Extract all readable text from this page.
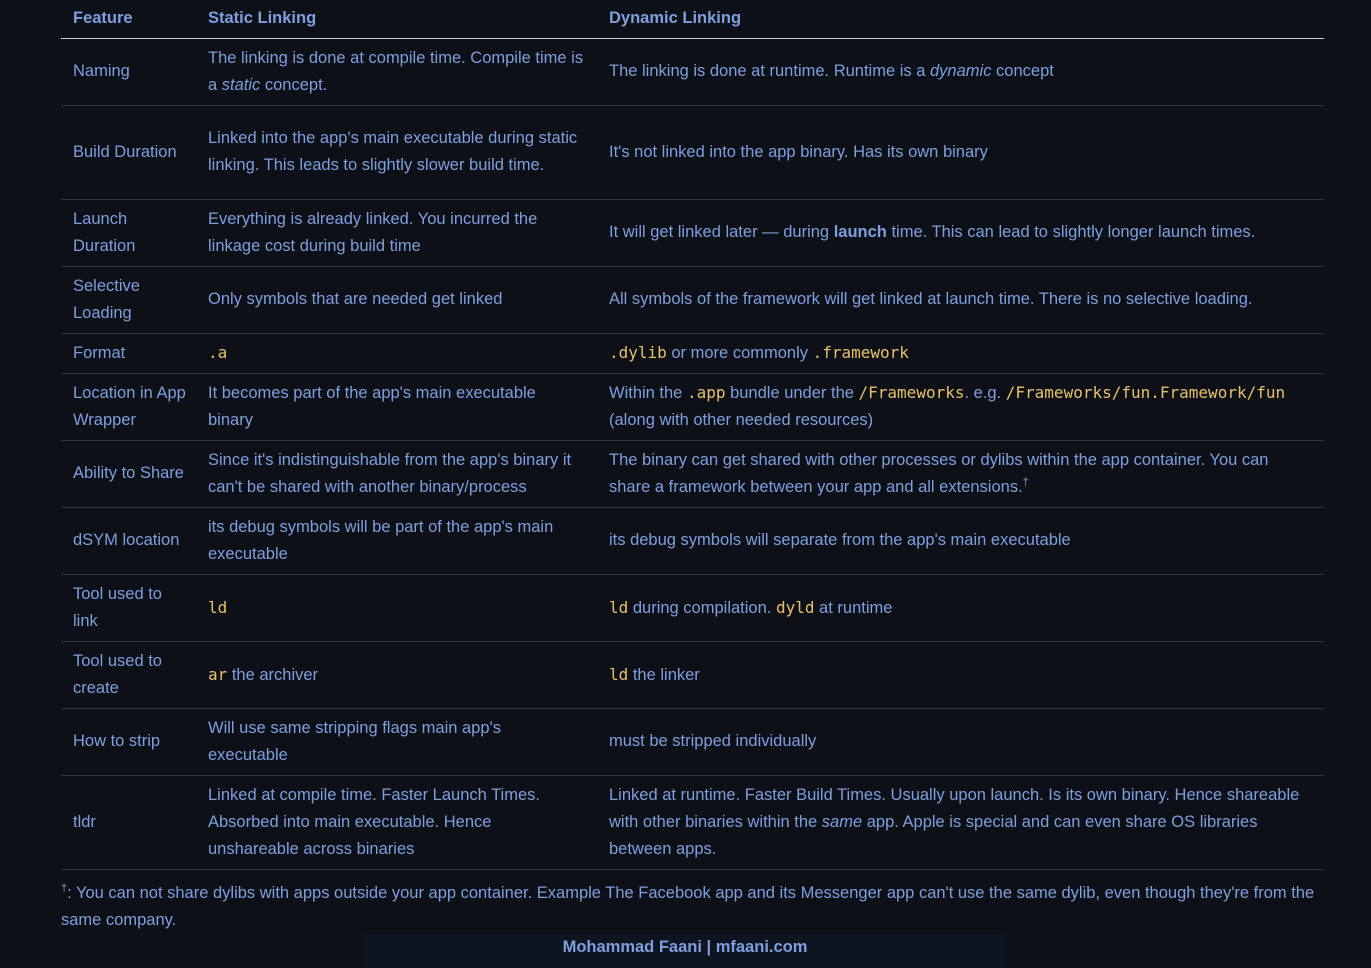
Feature	Static Linking	Dynamic Linking
Naming	The linking is done at compile time. Compile time is a static concept.	The linking is done at runtime. Runtime is a dynamic concept
Build Duration	Linked into the app's main executable during static linking. This leads to slightly slower build time.	It's not linked into the app binary. Has its own binary
Launch Duration	Everything is already linked. You incurred the linkage cost during build time	It will get linked later — during launch time. This can lead to slightly longer launch times.
Selective Loading	Only symbols that are needed get linked	All symbols of the framework will get linked at launch time. There is no selective loading.
Format	.a	.dylib or more commonly .framework
Location in App Wrapper	It becomes part of the app's main executable binary	Within the .app bundle under the /Frameworks. e.g. /Frameworks/fun.Framework/fun (along with other needed resources)
Ability to Share	Since it's indistinguishable from the app's binary it can't be shared with another binary/process	The binary can get shared with other processes or dylibs within the app container. You can share a framework between your app and all extensions.†
dSYM location	its debug symbols will be part of the app's main executable	its debug symbols will separate from the app's main executable
Tool used to link	ld	ld during compilation. dyld at runtime
Tool used to create	ar the archiver	ld the linker
How to strip	Will use same stripping flags main app's executable	must be stripped individually
tldr	Linked at compile time. Faster Launch Times. Absorbed into main executable. Hence unshareable across binaries	Linked at runtime. Faster Build Times. Usually upon launch. Is its own binary. Hence shareable with other binaries within the same app. Apple is special and can even share OS libraries between apps.
†: You can not share dylibs with apps outside your app container. Example The Facebook app and its Messenger app can't use the same dylib, even though they're from the same company.
Mohammad Faani | mfaani.com
